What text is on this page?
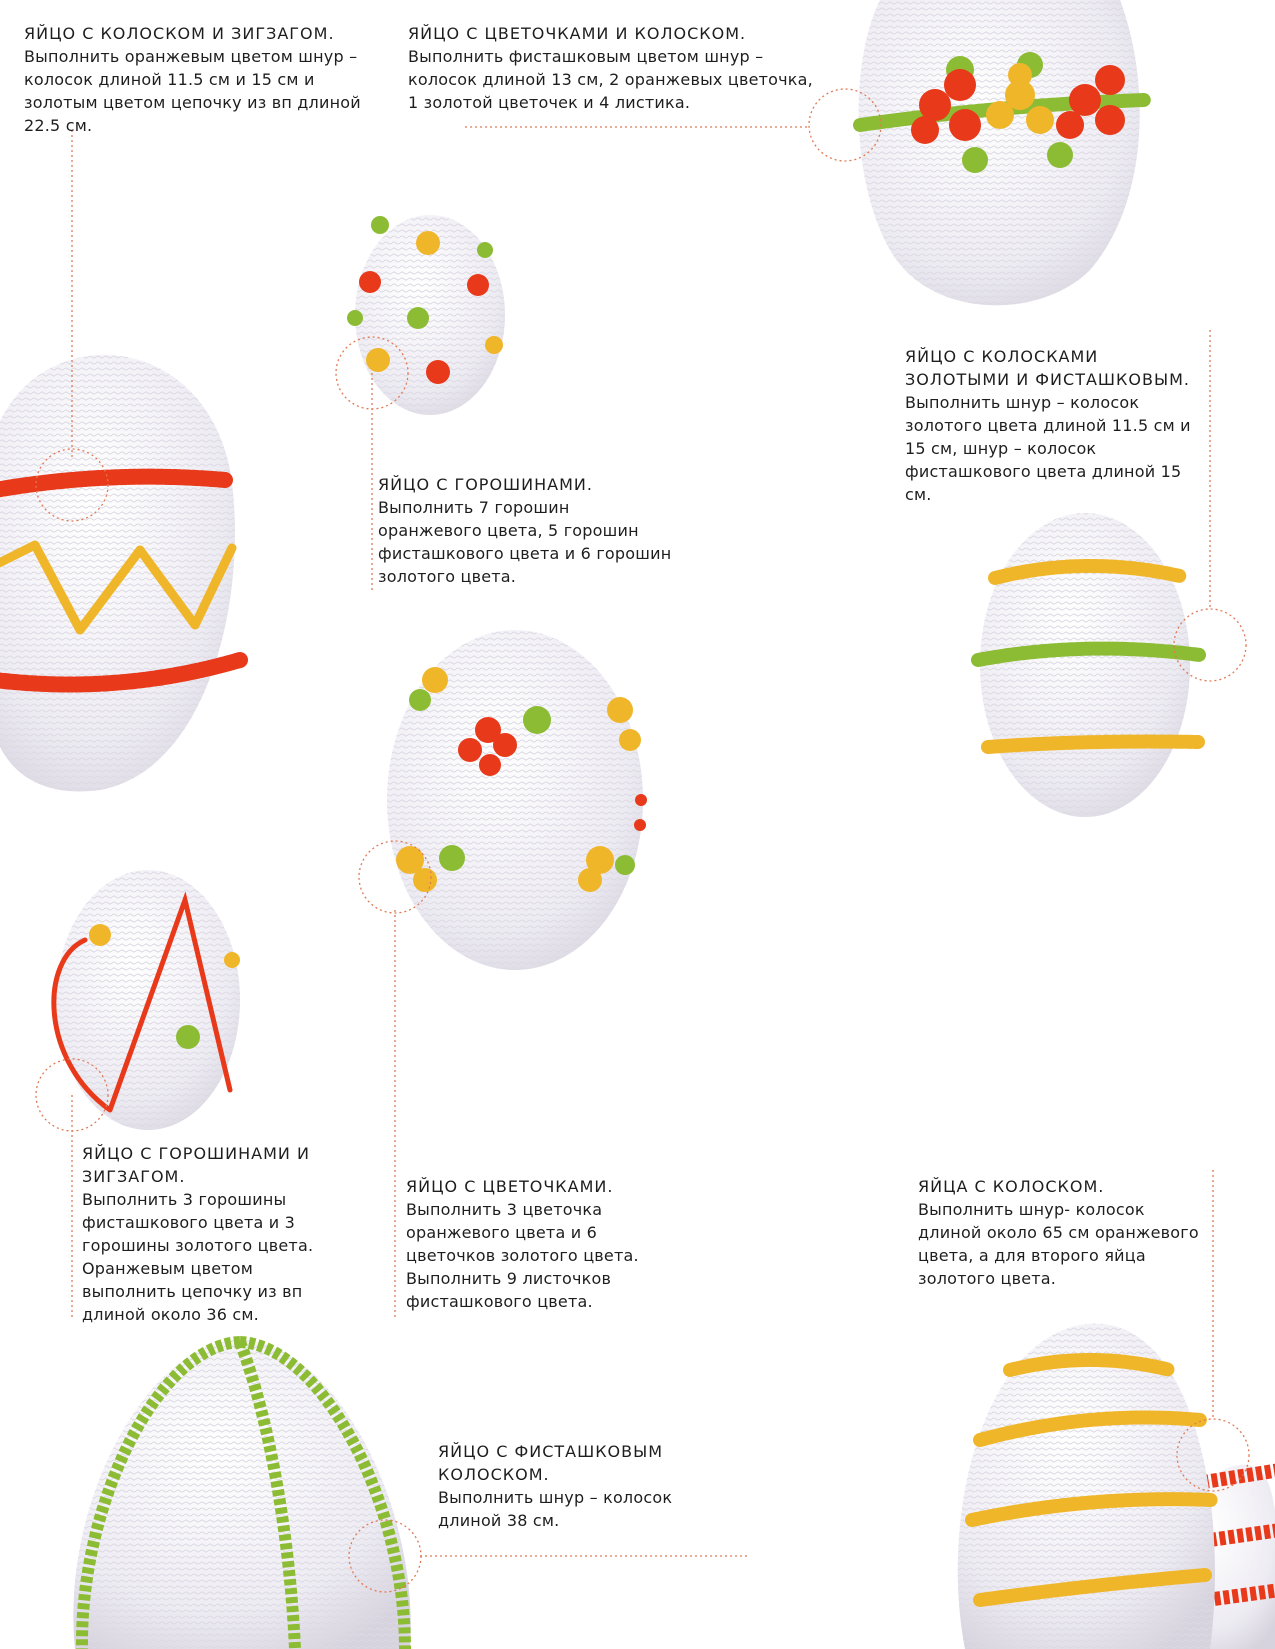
ЯЙЦО С КОЛОСКОМ И ЗИГЗАГОМ.
Выполнить оранжевым цветом шнур – колосок длиной 11.5 см и 15 см и золотым цветом цепочку из вп длиной 22.5 см.
ЯЙЦО С ЦВЕТОЧКАМИ И КОЛОСКОМ.
Выполнить фисташковым цветом шнур – колосок длиной 13 см, 2 оранжевых цветочка, 1 золотой цветочек и 4 листика.
ЯЙЦО С КОЛОСКАМИ ЗОЛОТЫМИ И ФИСТАШКОВЫМ.
Выполнить шнур – колосок золотого цвета длиной 11.5 см и 15 см, шнур – колосок фисташкового цвета длиной 15 см.
ЯЙЦО С ГОРОШИНАМИ.
Выполнить 7 горошин оранжевого цвета, 5 горошин фисташкового цвета и 6 горошин золотого цвета.
ЯЙЦО С ГОРОШИНАМИ И ЗИГЗАГОМ.
Выполнить 3 горошины фисташкового цвета и 3 горошины золотого цвета. Оранжевым цветом выполнить цепочку из вп длиной около 36 см.
ЯЙЦО С ЦВЕТОЧКАМИ.
Выполнить 3 цветочка оранжевого цвета и 6 цветочков золотого цвета. Выполнить 9 листочков фисташкового цвета.
ЯЙЦА С КОЛОСКОМ.
Выполнить шнур- колосок длиной около 65 см оранжевого цвета, а для второго яйца золотого цвета.
ЯЙЦО С ФИСТАШКОВЫМ КОЛОСКОМ.
Выполнить шнур – колосок длиной 38 см.
